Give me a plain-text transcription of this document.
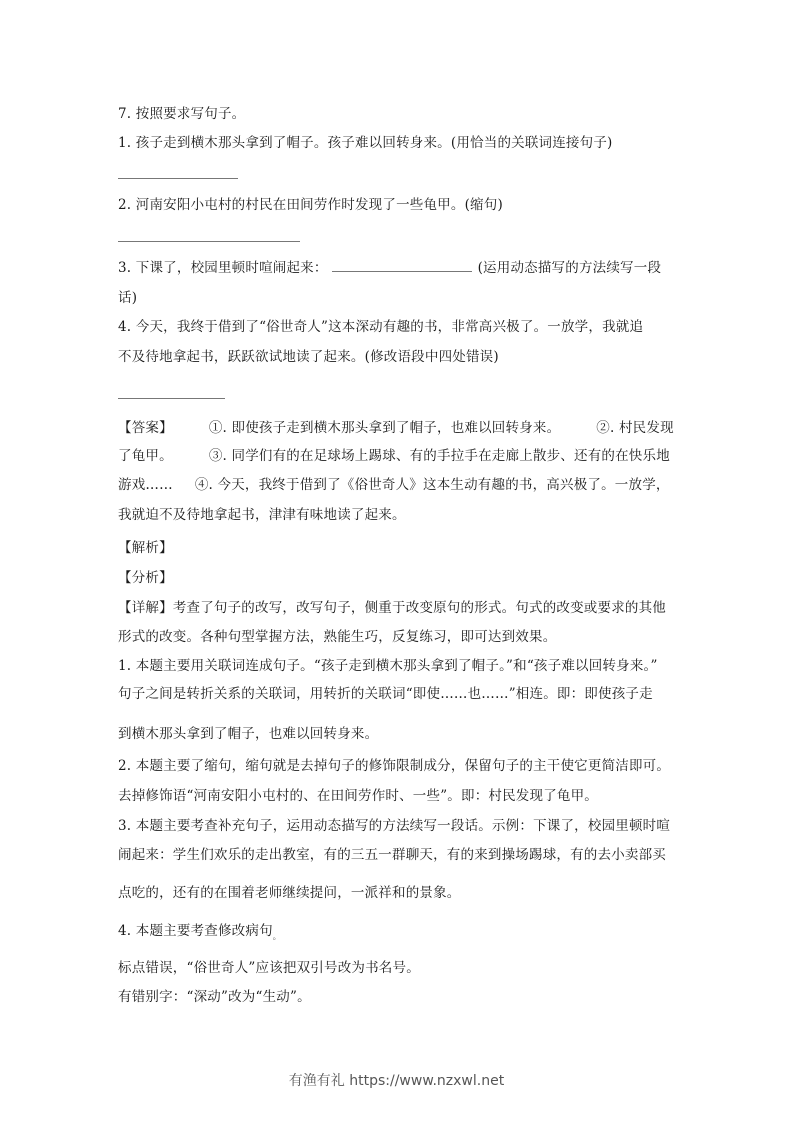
7. 按照要求写句子。
1. 孩子走到横木那头拿到了帽子。孩子难以回转身来。(用恰当的关联词连接句子)
2. 河南安阳小屯村的村民在田间劳作时发现了一些龟甲。(缩句)
3. 下课了，校园里顿时喧闹起来：	(运用动态描写的方法续写一段
话)
4. 今天，我终于借到了“俗世奇人”这本深动有趣的书，非常高兴极了。一放学，我就追
不及待地拿起书，跃跃欲试地读了起来。(修改语段中四处错误)
【答案】	①. 即使孩子走到横木那头拿到了帽子，也难以回转身来。	②. 村民发现
了龟甲。	③. 同学们有的在足球场上踢球、有的手拉手在走廊上散步、还有的在快乐地
游戏…… ④. 今天，我终于借到了《俗世奇人》这本生动有趣的书，高兴极了。一放学，
我就迫不及待地拿起书，津津有味地读了起来。
【解析】
【分析】
【详解】考查了句子的改写，改写句子，侧重于改变原句的形式。句式的改变或要求的其他
形式的改变。各种句型掌握方法，熟能生巧，反复练习，即可达到效果。
1. 本题主要用关联词连成句子。“孩子走到横木那头拿到了帽子。”和“孩子难以回转身来。”
句子之间是转折关系的关联词，用转折的关联词“即使……也……”相连。即：即使孩子走
到横木那头拿到了帽子，也难以回转身来。
2. 本题主要了缩句，缩句就是去掉句子的修饰限制成分，保留句子的主干使它更简洁即可。
去掉修饰语“河南安阳小屯村的、在田间劳作时、一些”。即：村民发现了龟甲。
3. 本题主要考查补充句子，运用动态描写的方法续写一段话。示例：下课了，校园里顿时喧
闹起来：学生们欢乐的走出教室，有的三五一群聊天，有的来到操场踢球，有的去小卖部买
点吃的，还有的在围着老师继续提问，一派祥和的景象。
4. 本题主要考查修改病句$_。$
标点错误，“俗世奇人”应该把双引号改为书名号。
有错别字：“深动”改为“生动”。
有渔有礼 https://www.nzxwl.net
